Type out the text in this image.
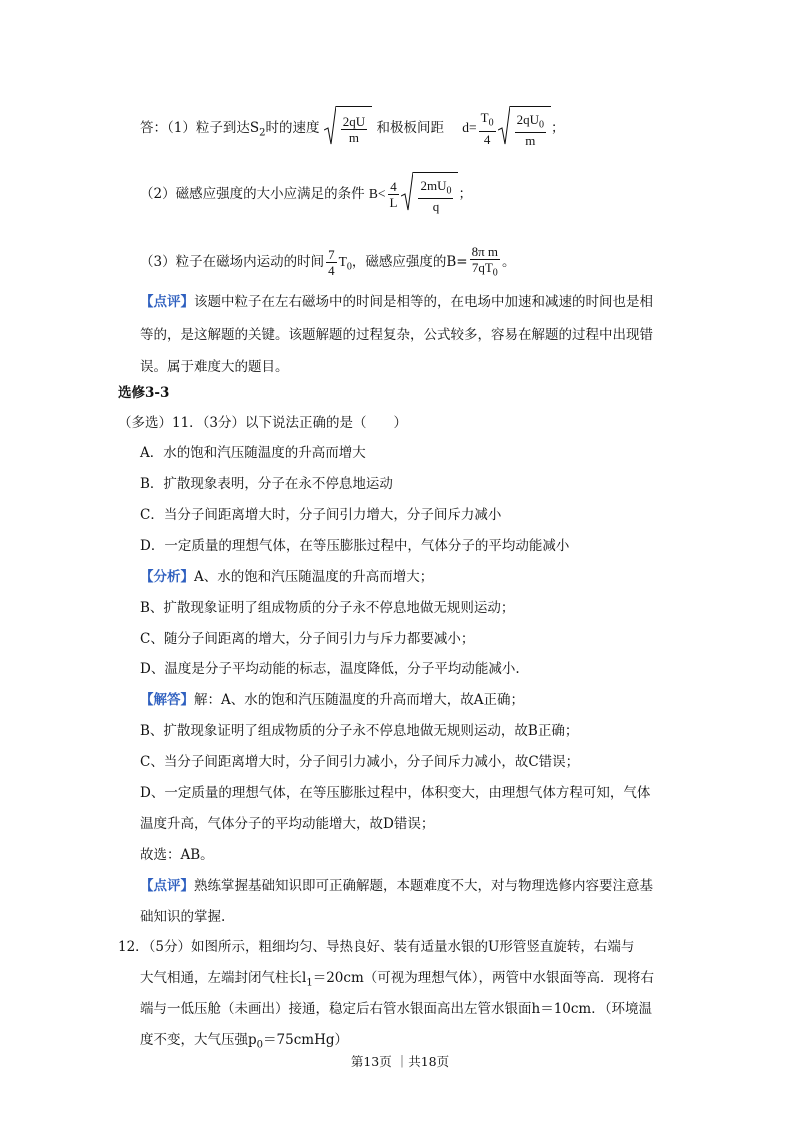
答：（1）粒子到达$S_2$时的速度 $\frac{2qU}{m}$ 和极板间距 $d= \frac{T_0}{4} \frac{2qU_0}{m}$ ；
（2）磁感应强度的大小应满足的条件 $B< \frac{4}{L} \frac{2mU_0}{q}$ ；
（3）粒子在磁场内运动的时间 $\frac{7}{4} T_0$，磁感应强度的$B= \frac{\text{8π m}}{7qT_0}$ 。
【点评】该题中粒子在左右磁场中的时间是相等的，在电场中加速和减速的时间也是相
等的，是这解题的关键。该题解题的过程复杂，公式较多，容易在解题的过程中出现错
误。属于难度大的题目。
选修3-3
（多选）11．（3分）以下说法正确的是（　　）
A．水的饱和汽压随温度的升高而增大
B．扩散现象表明，分子在永不停息地运动
C．当分子间距离增大时，分子间引力增大，分子间斥力减小
D．一定质量的理想气体，在等压膨胀过程中，气体分子的平均动能减小
【分析】A、水的饱和汽压随温度的升高而增大；
B、扩散现象证明了组成物质的分子永不停息地做无规则运动；
C、随分子间距离的增大，分子间引力与斥力都要减小；
D、温度是分子平均动能的标志，温度降低，分子平均动能减小.
【解答】解：A、水的饱和汽压随温度的升高而增大，故A正确；
B、扩散现象证明了组成物质的分子永不停息地做无规则运动，故B正确；
C、当分子间距离增大时，分子间引力减小，分子间斥力减小，故C错误；
D、一定质量的理想气体，在等压膨胀过程中，体积变大，由理想气体方程可知，气体
温度升高，气体分子的平均动能增大，故D错误；
故选：AB。
【点评】熟练掌握基础知识即可正确解题，本题难度不大，对与物理选修内容要注意基
础知识的掌握.
12．（5分）如图所示，粗细均匀、导热良好、装有适量水银的U形管竖直旋转，右端与
大气相通，左端封闭气柱长$l_1=20cm$（可视为理想气体），两管中水银面等高．现将右
端与一低压舱（未画出）接通，稳定后右管水银面高出左管水银面h＝10cm．（环境温
度不变，大气压强$p_0=75cmHg$）
第13页 ｜共18页
